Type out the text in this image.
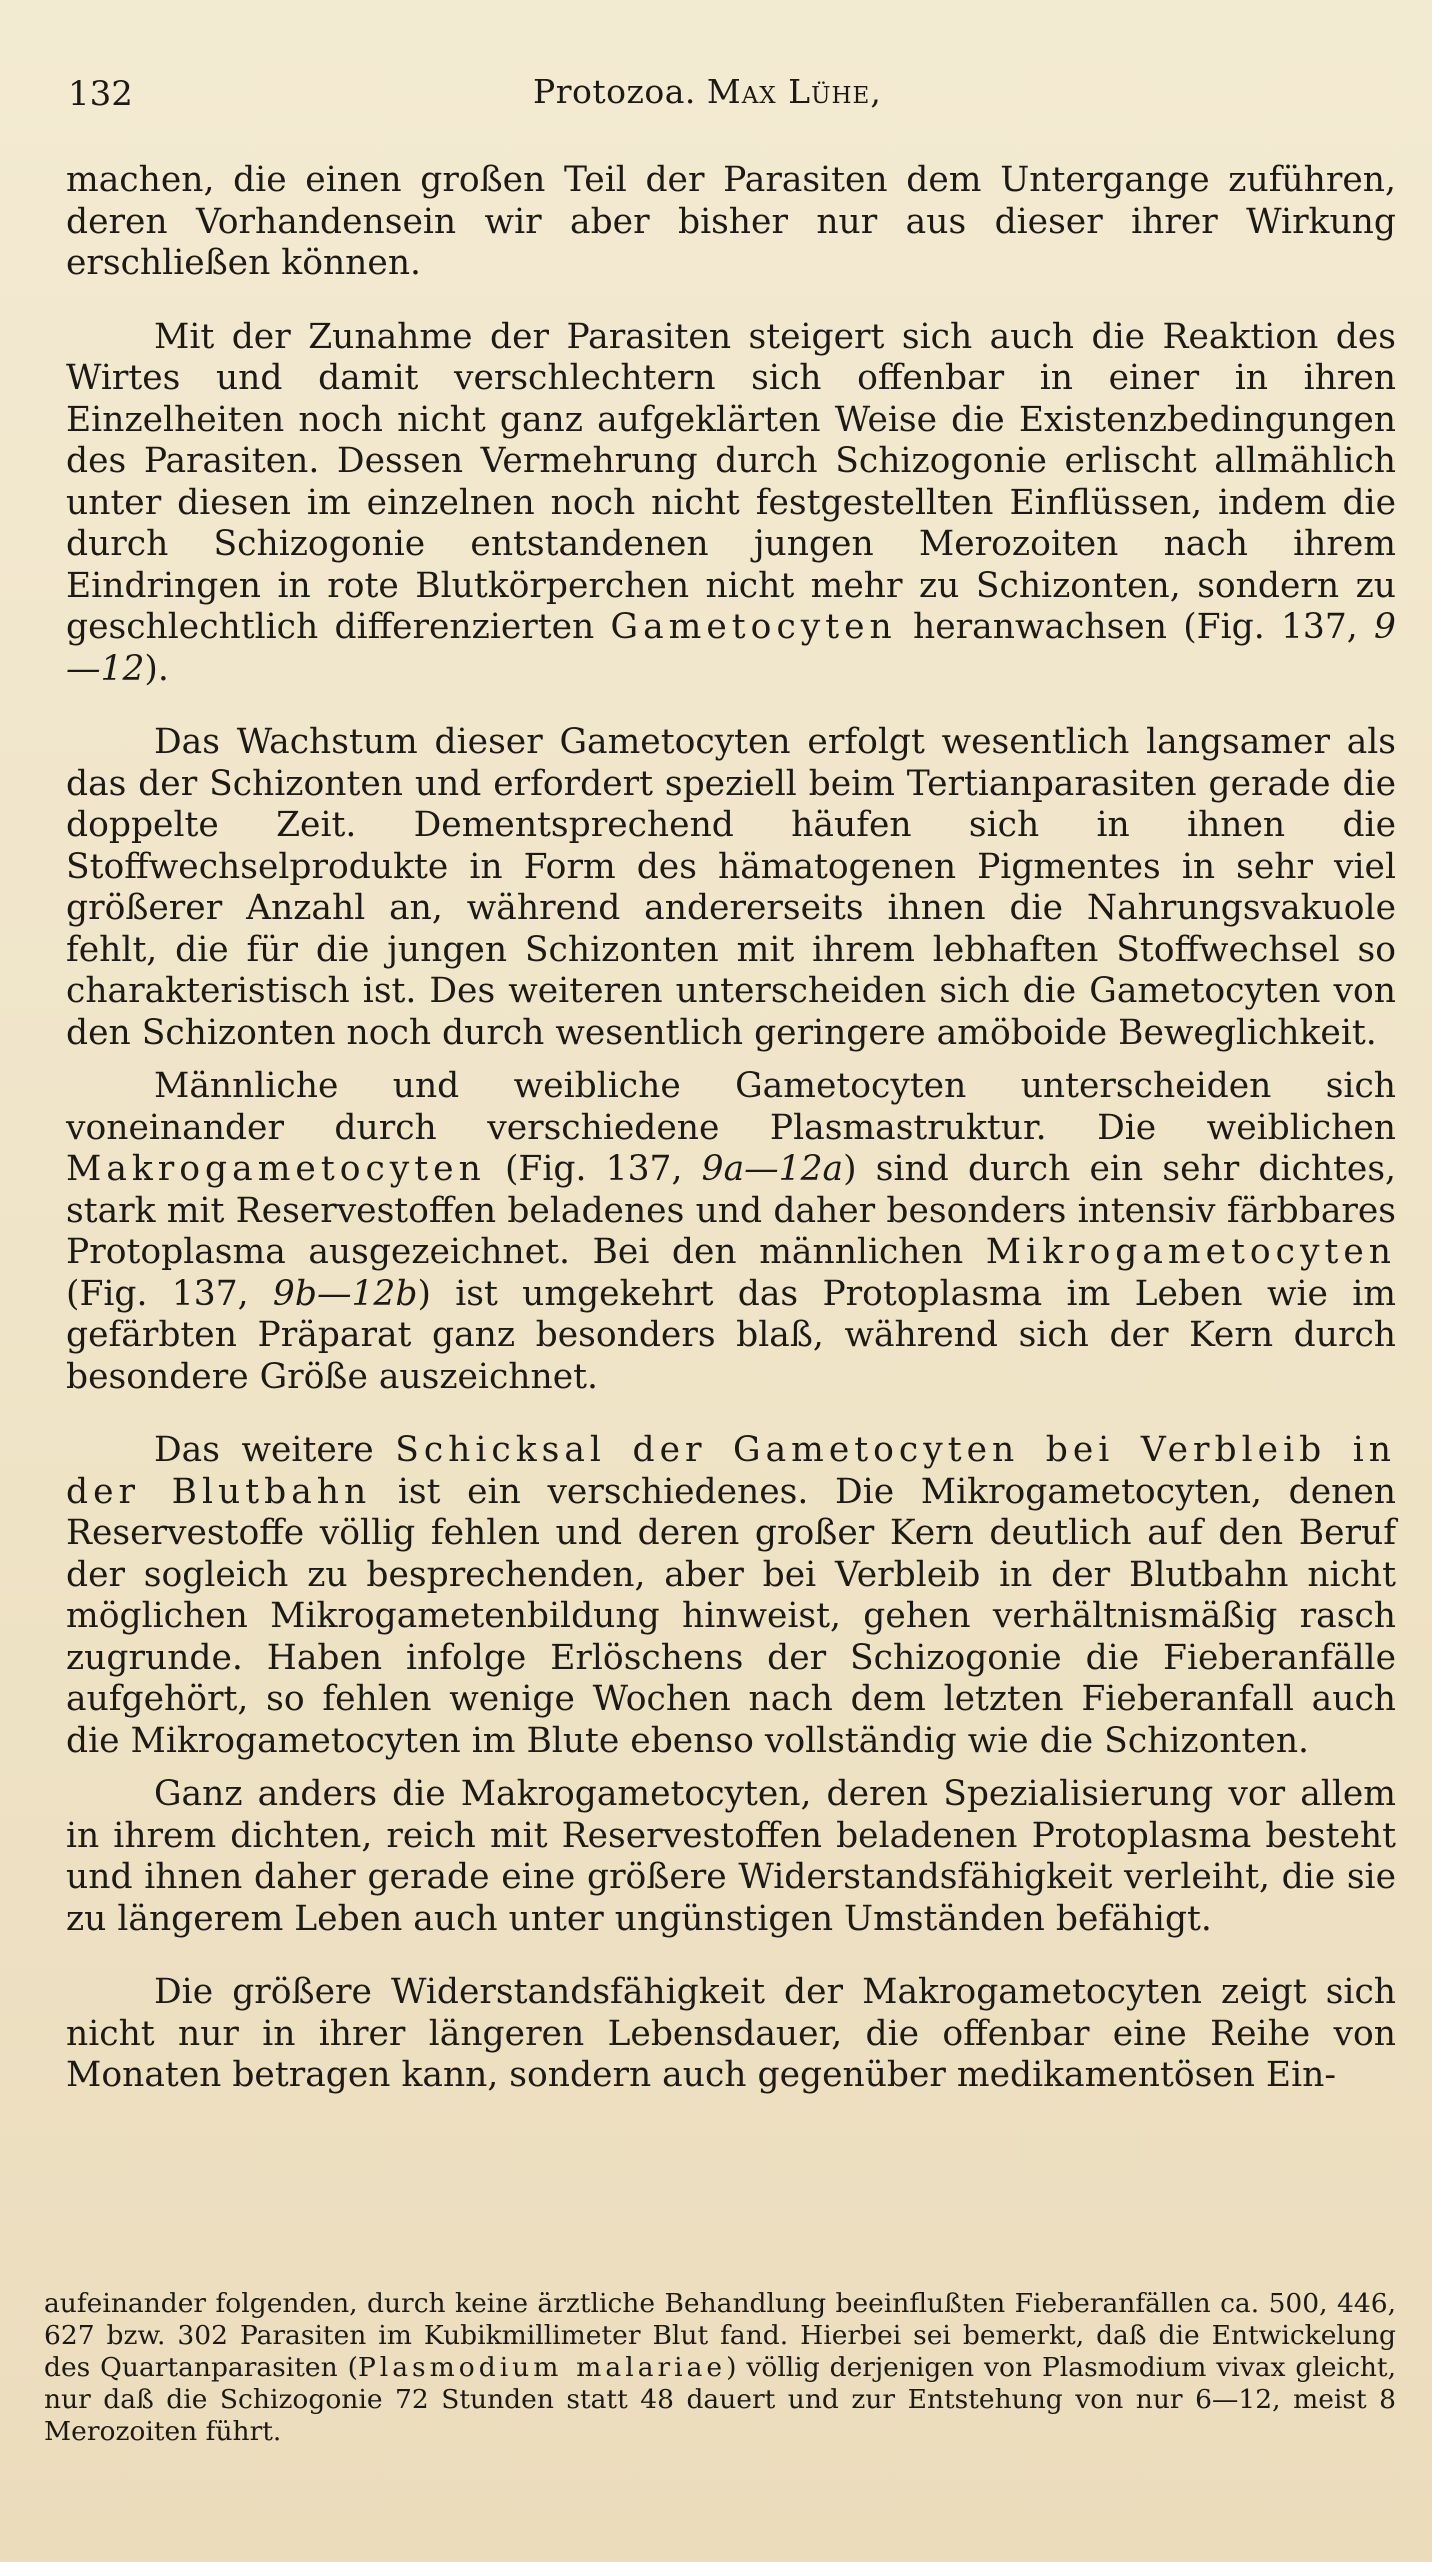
132	Protozoa. Max Lühe,

machen, die einen großen Teil der Parasiten dem Untergange zuführen, deren Vorhandensein wir aber bisher nur aus dieser ihrer Wirkung erschließen können.

Mit der Zunahme der Parasiten steigert sich auch die Reaktion des Wirtes und damit verschlechtern sich offenbar in einer in ihren Einzelheiten noch nicht ganz aufgeklärten Weise die Existenzbedingungen des Parasiten. Dessen Vermehrung durch Schizogonie erlischt allmählich unter diesen im einzelnen noch nicht festgestellten Einflüssen, indem die durch Schizogonie entstandenen jungen Merozoiten nach ihrem Eindringen in rote Blutkörperchen nicht mehr zu Schizonten, sondern zu geschlechtlich differenzierten Gametocyten heranwachsen (Fig. 137, 9—12).

Das Wachstum dieser Gametocyten erfolgt wesentlich langsamer als das der Schizonten und erfordert speziell beim Tertianparasiten gerade die doppelte Zeit. Dementsprechend häufen sich in ihnen die Stoffwechselprodukte in Form des hämatogenen Pigmentes in sehr viel größerer Anzahl an, während andererseits ihnen die Nahrungsvakuole fehlt, die für die jungen Schizonten mit ihrem lebhaften Stoffwechsel so charakteristisch ist. Des weiteren unterscheiden sich die Gametocyten von den Schizonten noch durch wesentlich geringere amöboide Beweglichkeit.

Männliche und weibliche Gametocyten unterscheiden sich voneinander durch verschiedene Plasmastruktur. Die weiblichen Makrogametocyten (Fig. 137, 9a—12a) sind durch ein sehr dichtes, stark mit Reservestoffen beladenes und daher besonders intensiv färbbares Protoplasma ausgezeichnet. Bei den männlichen Mikrogametocyten (Fig. 137, 9b—12b) ist umgekehrt das Protoplasma im Leben wie im gefärbten Präparat ganz besonders blaß, während sich der Kern durch besondere Größe auszeichnet.

Das weitere Schicksal der Gametocyten bei Verbleib in der Blutbahn ist ein verschiedenes. Die Mikrogametocyten, denen Reservestoffe völlig fehlen und deren großer Kern deutlich auf den Beruf der sogleich zu besprechenden, aber bei Verbleib in der Blutbahn nicht möglichen Mikrogametenbildung hinweist, gehen verhältnismäßig rasch zugrunde. Haben infolge Erlöschens der Schizogonie die Fieberanfälle aufgehört, so fehlen wenige Wochen nach dem letzten Fieberanfall auch die Mikrogametocyten im Blute ebenso vollständig wie die Schizonten.

Ganz anders die Makrogametocyten, deren Spezialisierung vor allem in ihrem dichten, reich mit Reservestoffen beladenen Protoplasma besteht und ihnen daher gerade eine größere Widerstandsfähigkeit verleiht, die sie zu längerem Leben auch unter ungünstigen Umständen befähigt.

Die größere Widerstandsfähigkeit der Makrogametocyten zeigt sich nicht nur in ihrer längeren Lebensdauer, die offenbar eine Reihe von Monaten betragen kann, sondern auch gegenüber medikamentösen Ein-

aufeinander folgenden, durch keine ärztliche Behandlung beeinflußten Fieberanfällen ca. 500, 446, 627 bzw. 302 Parasiten im Kubikmillimeter Blut fand. Hierbei sei bemerkt, daß die Entwickelung des Quartanparasiten (Plasmodium malariae) völlig derjenigen von Plasmodium vivax gleicht, nur daß die Schizogonie 72 Stunden statt 48 dauert und zur Entstehung von nur 6—12, meist 8 Merozoiten führt.
